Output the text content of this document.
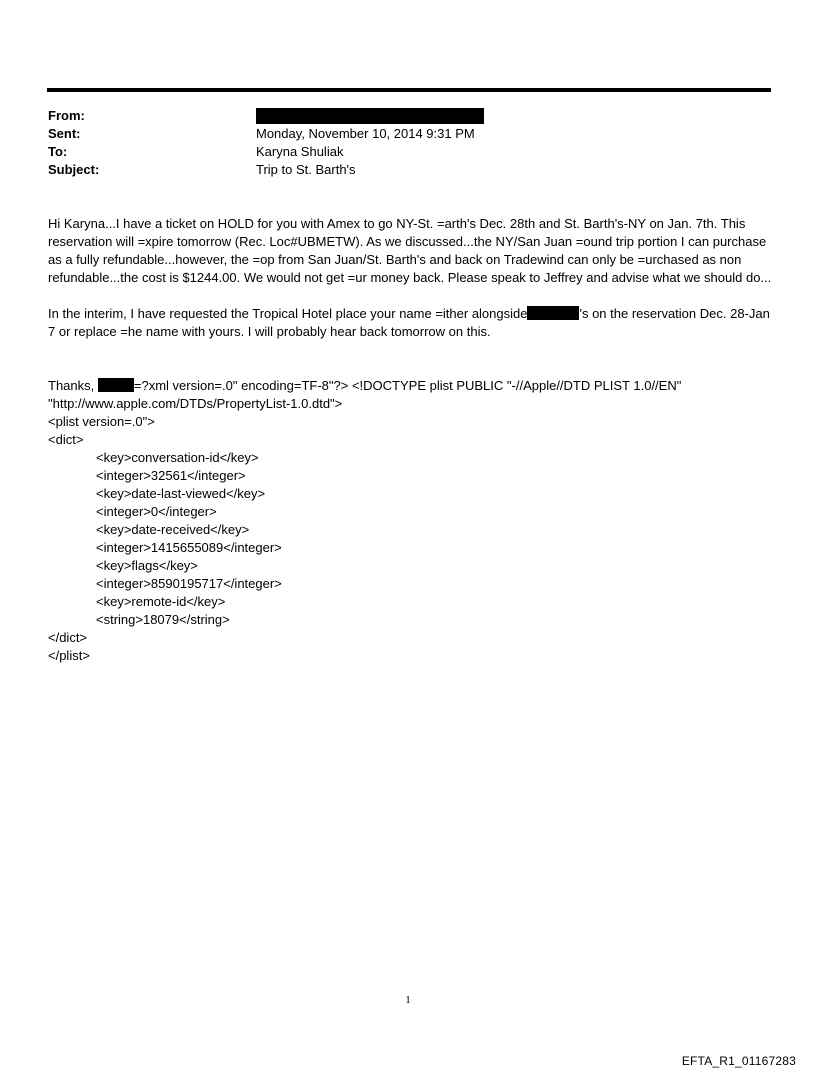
From:
Sent:	Monday, November 10, 2014 9:31 PM
To:	Karyna Shuliak
Subject:	Trip to St. Barth's

Hi Karyna...I have a ticket on HOLD for you with Amex to go NY-St. =arth's Dec. 28th and St. Barth's-NY on Jan. 7th. This reservation will =xpire tomorrow (Rec. Loc#UBMETW). As we discussed...the NY/San Juan =ound trip portion I can purchase as a fully refundable...however, the =op from San Juan/St. Barth's and back on Tradewind can only be =urchased as non refundable...the cost is $1244.00. We would not get =ur money back. Please speak to Jeffrey and advise what we should do...

In the interim, I have requested the Tropical Hotel place your name =ither alongside	's on the reservation Dec. 28-Jan 7 or replace =he name with yours. I will probably hear back tomorrow on this.

Thanks,	=?xml version=.0" encoding=TF-8"?> <!DOCTYPE plist PUBLIC "-//Apple//DTD PLIST 1.0//EN"
"http://www.apple.com/DTDs/PropertyList-1.0.dtd">
<plist version=.0">
<dict>
<key>conversation-id</key>
<integer>32561</integer>
<key>date-last-viewed</key>
<integer>0</integer>
<key>date-received</key>
<integer>1415655089</integer>
<key>flags</key>
<integer>8590195717</integer>
<key>remote-id</key>
<string>18079</string>
</dict>
</plist>
1
EFTA_R1_01167283
